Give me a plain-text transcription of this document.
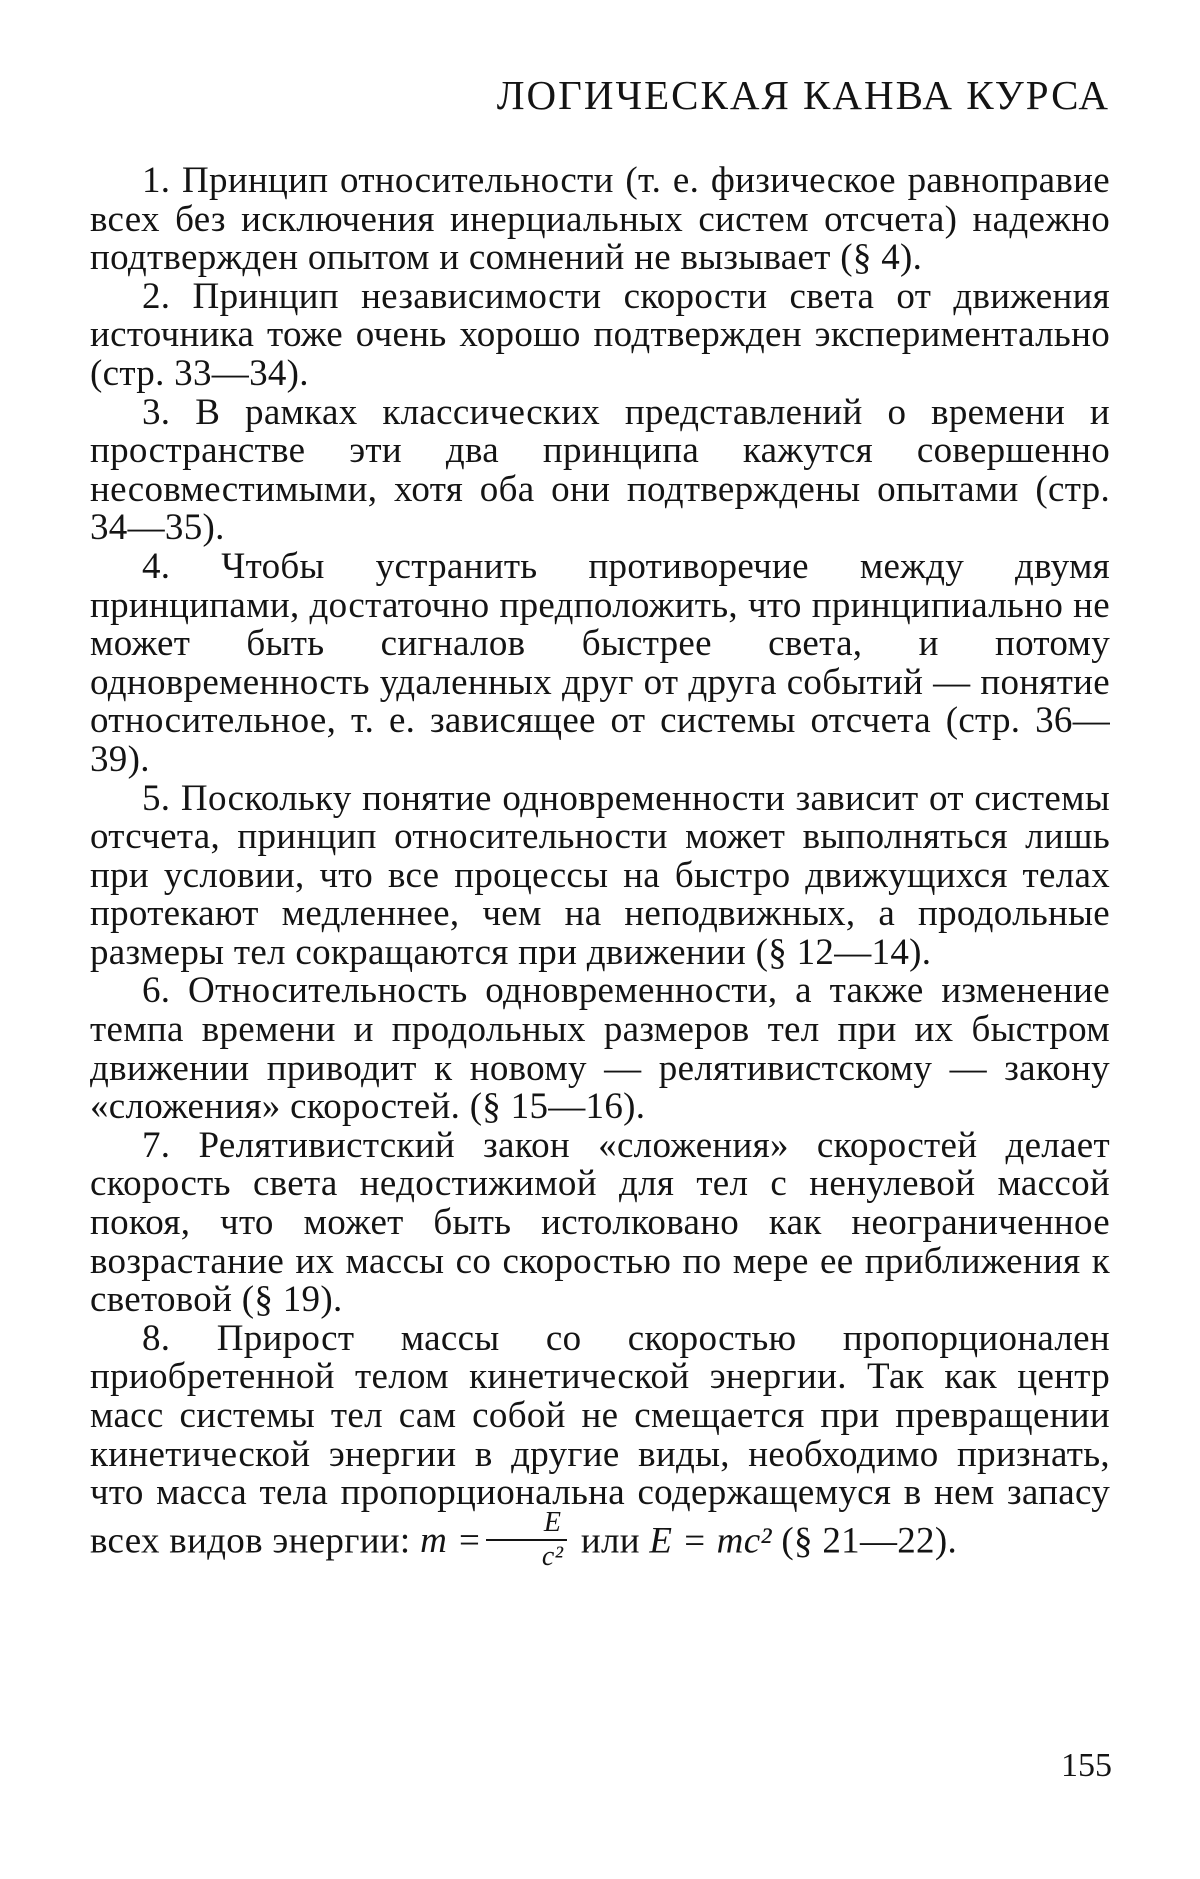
ЛОГИЧЕСКАЯ КАНВА КУРСА

1. Принцип относительности (т. е. физическое равноправие всех без исключения инерциальных систем отсчета) надежно подтвержден опытом и сомнений не вызывает (§ 4).

2. Принцип независимости скорости света от движения источника тоже очень хорошо подтвержден экспериментально (стр. 33—34).

3. В рамках классических представлений о времени и пространстве эти два принципа кажутся совершенно несовместимыми, хотя оба они подтверждены опытами (стр. 34—35).

4. Чтобы устранить противоречие между двумя принципами, достаточно предположить, что принципиально не может быть сигналов быстрее света, и потому одновременность удаленных друг от друга событий — понятие относительное, т. е. зависящее от системы отсчета (стр. 36—39).

5. Поскольку понятие одновременности зависит от системы отсчета, принцип относительности может выполняться лишь при условии, что все процессы на быстро движущихся телах протекают медленнее, чем на неподвижных, а продольные размеры тел сокращаются при движении (§ 12—14).

6. Относительность одновременности, а также изменение темпа времени и продольных размеров тел при их быстром движении приводит к новому — релятивистскому — закону «сложения» скоростей. (§ 15—16).

7. Релятивистский закон «сложения» скоростей делает скорость света недостижимой для тел с ненулевой массой покоя, что может быть истолковано как неограниченное возрастание их массы со скоростью по мере ее приближения к световой (§ 19).

8. Прирост массы со скоростью пропорционален приобретенной телом кинетической энергии. Так как центр масс системы тел сам собой не смещается при превращении кинетической энергии в другие виды, необходимо признать, что масса тела пропорциональна содержащемуся в нем запасу всех видов энергии: $m = \frac{E}{\text{c²}}$ или E = mc² (§ 21—22).

155
